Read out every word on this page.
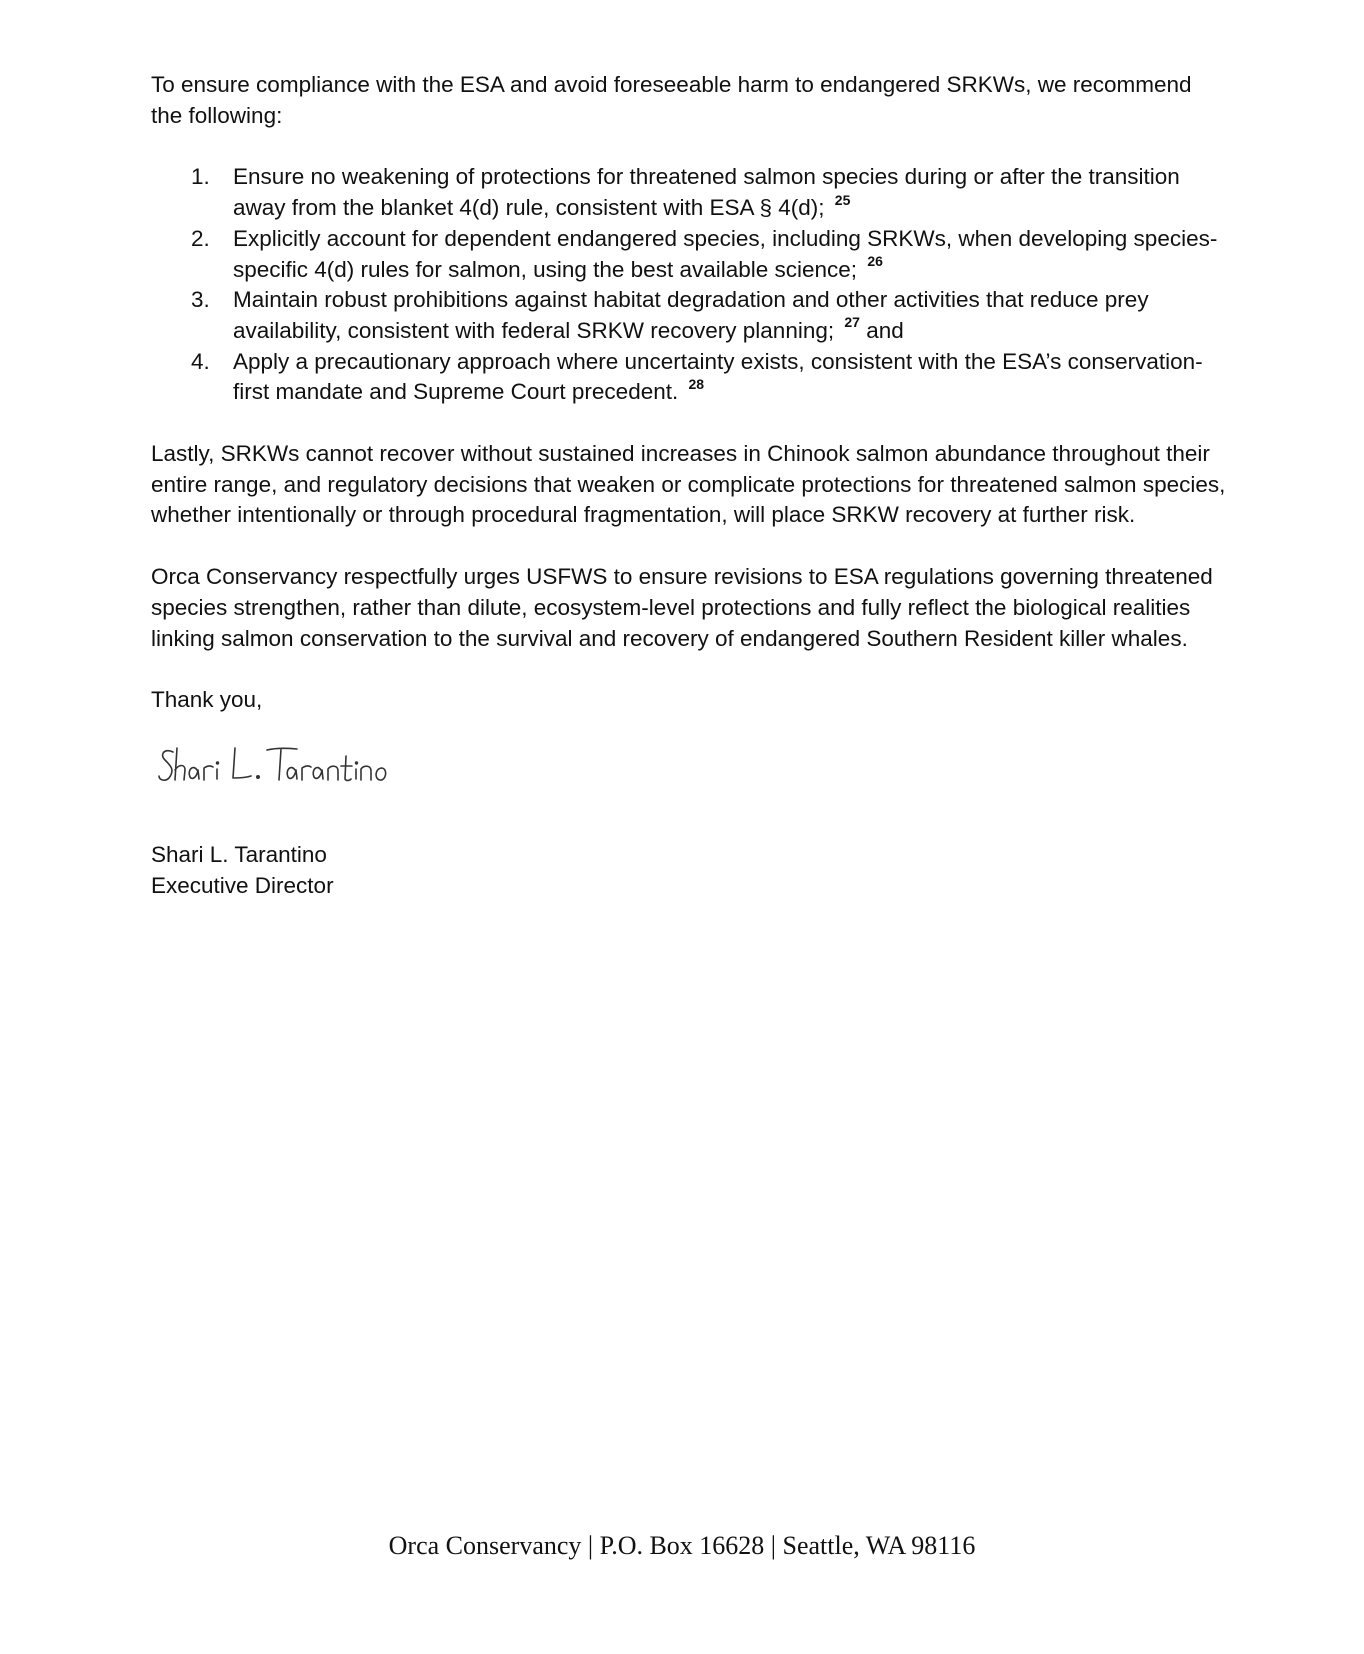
To ensure compliance with the ESA and avoid foreseeable harm to endangered SRKWs, we recommend the following:

1. Ensure no weakening of protections for threatened salmon species during or after the transition away from the blanket 4(d) rule, consistent with ESA § 4(d); $^{25}$
2. Explicitly account for dependent endangered species, including SRKWs, when developing species-specific 4(d) rules for salmon, using the best available science; $^{26}$
3. Maintain robust prohibitions against habitat degradation and other activities that reduce prey availability, consistent with federal SRKW recovery planning; $^{27}$ and
4. Apply a precautionary approach where uncertainty exists, consistent with the ESA’s conservation-first mandate and Supreme Court precedent. $^{28}$

Lastly, SRKWs cannot recover without sustained increases in Chinook salmon abundance throughout their entire range, and regulatory decisions that weaken or complicate protections for threatened salmon species, whether intentionally or through procedural fragmentation, will place SRKW recovery at further risk.

Orca Conservancy respectfully urges USFWS to ensure revisions to ESA regulations governing threatened species strengthen, rather than dilute, ecosystem-level protections and fully reflect the biological realities linking salmon conservation to the survival and recovery of endangered Southern Resident killer whales.

Thank you,

Shari L. Tarantino

Executive Director

Orca Conservancy | P.O. Box 16628 | Seattle, WA 98116
